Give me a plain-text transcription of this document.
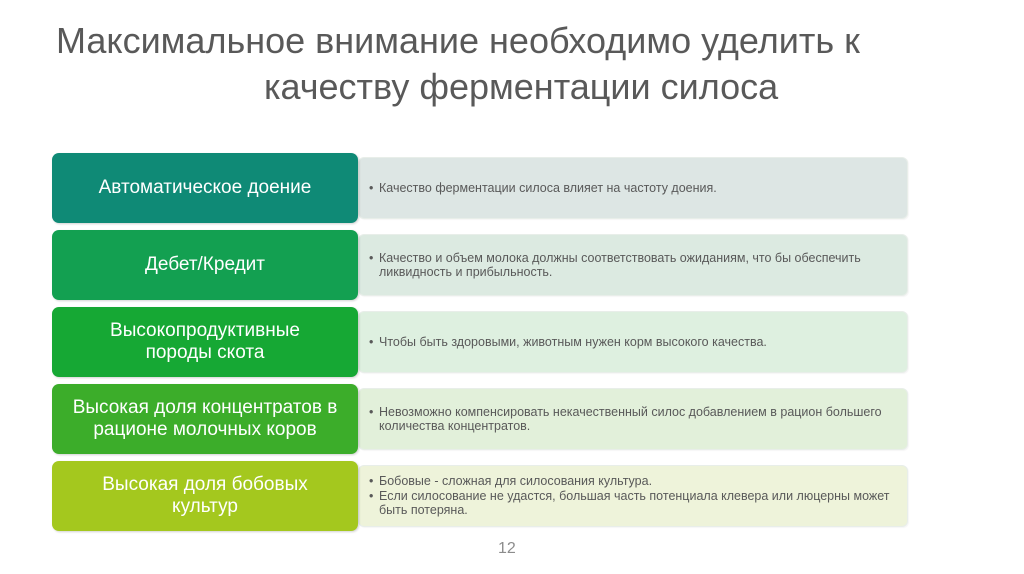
Максимальное внимание необходимо уделить к
качеству ферментации силоса
• Качество ферментации силоса влияет на частоту доения.
Автоматическое доение
• Качество и объем молока должны соответствовать ожиданиям, что бы обеспечить ликвидность и прибыльность.
Дебет/Кредит
• Чтобы быть здоровыми, животным нужен корм высокого качества.
Высокопродуктивные породы скота
• Невозможно компенсировать некачественный силос добавлением в рацион большего количества концентратов.
Высокая доля концентратов в рационе молочных коров
• Бобовые - сложная для силосования культура.
• Если силосование не удастся, большая часть потенциала клевера или люцерны может быть потеряна.
Высокая доля бобовых культур
12
